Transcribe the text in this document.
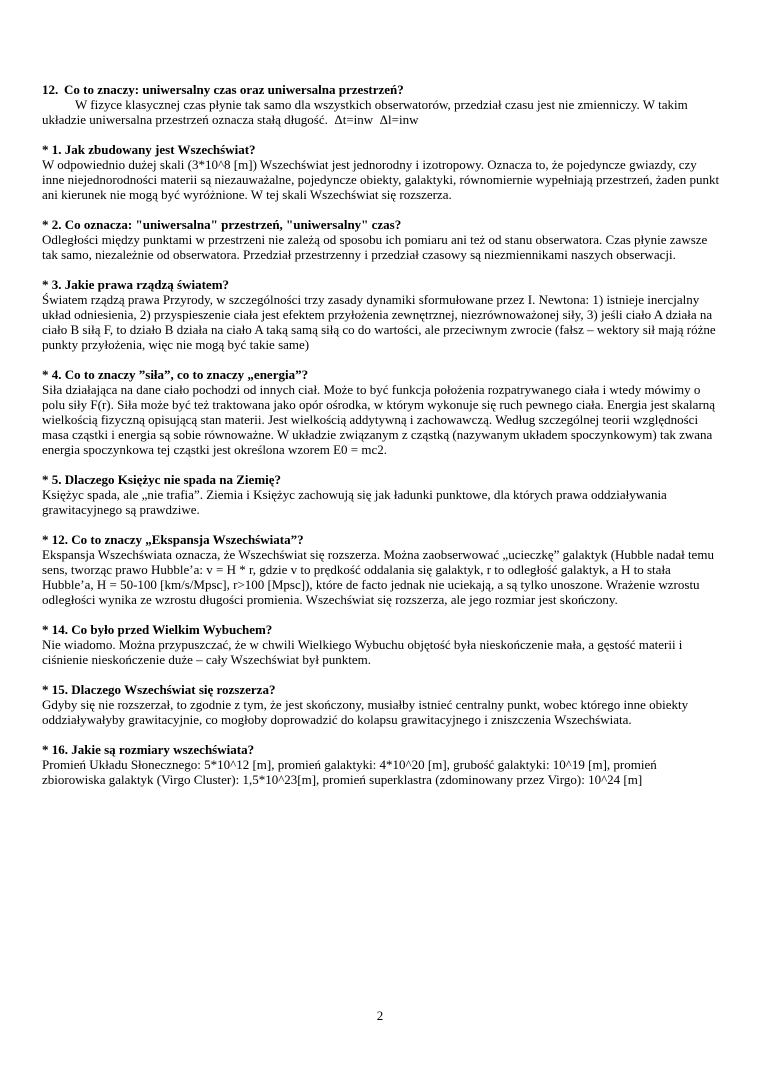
12. Co to znaczy: uniwersalny czas oraz uniwersalna przestrzeń?

W fizyce klasycznej czas płynie tak samo dla wszystkich obserwatorów, przedział czasu jest nie zmienniczy. W takim układzie uniwersalna przestrzeń oznacza stałą długość.  Δt=inw  Δl=inw

* 1. Jak zbudowany jest Wszechświat?

W odpowiednio dużej skali (3*10^8 [m]) Wszechświat jest jednorodny i izotropowy. Oznacza to, że pojedyncze gwiazdy, czy inne niejednorodności materii są niezauważalne, pojedyncze obiekty, galaktyki, równomiernie wypełniają przestrzeń, żaden punkt ani kierunek nie mogą być wyróżnione. W tej skali Wszechświat się rozszerza.

* 2. Co oznacza: "uniwersalna" przestrzeń, "uniwersalny" czas?

Odległości między punktami w przestrzeni nie zależą od sposobu ich pomiaru ani też od stanu obserwatora. Czas płynie zawsze tak samo, niezależnie od obserwatora. Przedział przestrzenny i przedział czasowy są niezmiennikami naszych obserwacji.

* 3. Jakie prawa rządzą światem?

Światem rządzą prawa Przyrody, w szczególności trzy zasady dynamiki sformułowane przez I. Newtona: 1) istnieje inercjalny układ odniesienia, 2) przyspieszenie ciała jest efektem przyłożenia zewnętrznej, niezrównoważonej siły, 3) jeśli ciało A działa na ciało B siłą F, to działo B działa na ciało A taką samą siłą co do wartości, ale przeciwnym zwrocie (fałsz – wektory sił mają różne punkty przyłożenia, więc nie mogą być takie same)

* 4. Co to znaczy ”siła”, co to znaczy „energia”?

Siła działająca na dane ciało pochodzi od innych ciał. Może to być funkcja położenia rozpatrywanego ciała i wtedy mówimy o polu siły F(r). Siła może być też traktowana jako opór ośrodka, w którym wykonuje się ruch pewnego ciała. Energia jest skalarną wielkością fizyczną opisującą stan materii. Jest wielkością addytywną i zachowawczą. Według szczególnej teorii względności masa cząstki i energia są sobie równoważne. W układzie związanym z cząstką (nazywanym układem spoczynkowym) tak zwana energia spoczynkowa tej cząstki jest określona wzorem E0 = mc2.

* 5. Dlaczego Księżyc nie spada na Ziemię?

Księżyc spada, ale „nie trafia”. Ziemia i Księżyc zachowują się jak ładunki punktowe, dla których prawa oddziaływania grawitacyjnego są prawdziwe.

* 12. Co to znaczy „Ekspansja Wszechświata”?

Ekspansja Wszechświata oznacza, że Wszechświat się rozszerza. Można zaobserwować „ucieczkę” galaktyk (Hubble nadał temu sens, tworząc prawo Hubble’a: v = H * r, gdzie v to prędkość oddalania się galaktyk, r to odległość galaktyk, a H to stała Hubble’a, H = 50-100 [km/s/Mpsc], r>100 [Mpsc]), które de facto jednak nie uciekają, a są tylko unoszone. Wrażenie wzrostu odległości wynika ze wzrostu długości promienia. Wszechświat się rozszerza, ale jego rozmiar jest skończony.

* 14. Co było przed Wielkim Wybuchem?

Nie wiadomo. Można przypuszczać, że w chwili Wielkiego Wybuchu objętość była nieskończenie mała, a gęstość materii i ciśnienie nieskończenie duże – cały Wszechświat był punktem.

* 15. Dlaczego Wszechświat się rozszerza?

Gdyby się nie rozszerzał, to zgodnie z tym, że jest skończony, musiałby istnieć centralny punkt, wobec którego inne obiekty oddziaływałyby grawitacyjnie, co mogłoby doprowadzić do kolapsu grawitacyjnego i zniszczenia Wszechświata.

* 16. Jakie są rozmiary wszechświata?

Promień Układu Słonecznego: 5*10^12 [m], promień galaktyki: 4*10^20 [m], grubość galaktyki: 10^19 [m], promień zbiorowiska galaktyk (Virgo Cluster): 1,5*10^23[m], promień superklastra (zdominowany przez Virgo): 10^24 [m]

2
